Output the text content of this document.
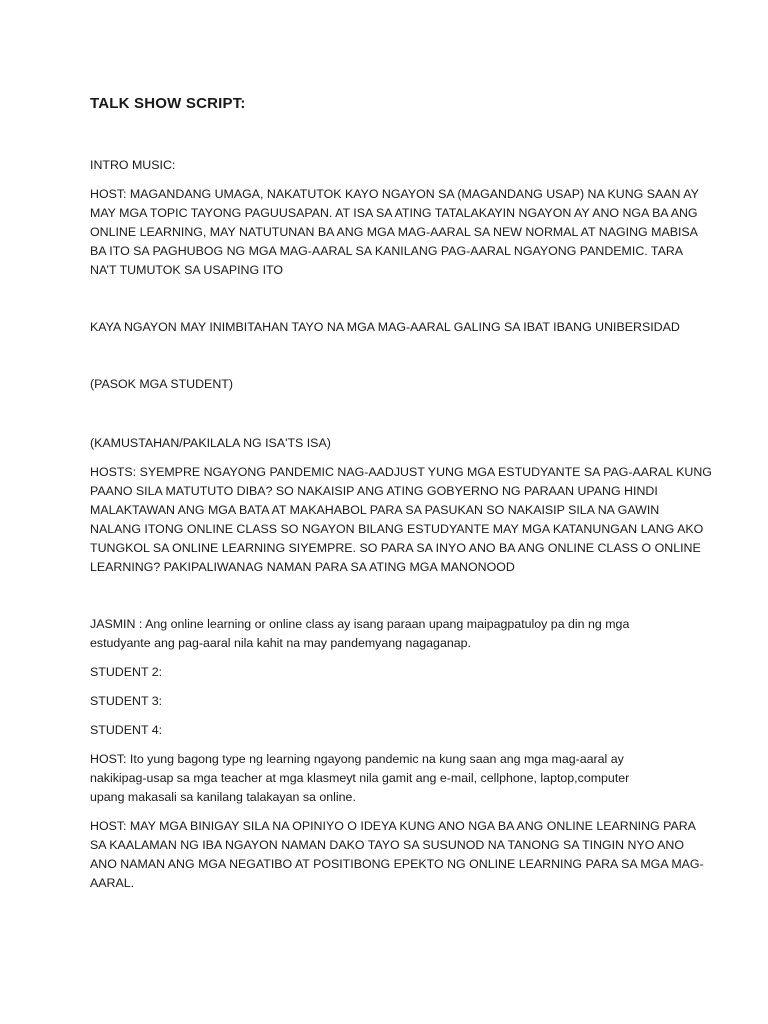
TALK SHOW SCRIPT:

INTRO MUSIC:

HOST: MAGANDANG UMAGA, NAKATUTOK KAYO NGAYON SA (MAGANDANG USAP) NA KUNG SAAN AY
MAY MGA TOPIC TAYONG PAGUUSAPAN. AT ISA SA ATING TATALAKAYIN NGAYON AY ANO NGA BA ANG
ONLINE LEARNING, MAY NATUTUNAN BA ANG MGA MAG-AARAL SA NEW NORMAL AT NAGING MABISA
BA ITO SA PAGHUBOG NG MGA MAG-AARAL SA KANILANG PAG-AARAL NGAYONG PANDEMIC. TARA
NA’T TUMUTOK SA USAPING ITO

KAYA NGAYON MAY INIMBITAHAN TAYO NA MGA MAG-AARAL GALING SA IBAT IBANG UNIBERSIDAD

(PASOK MGA STUDENT)

(KAMUSTAHAN/PAKILALA NG ISA'TS ISA)

HOSTS: SYEMPRE NGAYONG PANDEMIC NAG-AADJUST YUNG MGA ESTUDYANTE SA PAG-AARAL KUNG
PAANO SILA MATUTUTO DIBA? SO NAKAISIP ANG ATING GOBYERNO NG PARAAN UPANG HINDI
MALAKTAWAN ANG MGA BATA AT MAKAHABOL PARA SA PASUKAN SO NAKAISIP SILA NA GAWIN
NALANG ITONG ONLINE CLASS SO NGAYON BILANG ESTUDYANTE MAY MGA KATANUNGAN LANG AKO
TUNGKOL SA ONLINE LEARNING SIYEMPRE. SO PARA SA INYO ANO BA ANG ONLINE CLASS O ONLINE
LEARNING? PAKIPALIWANAG NAMAN PARA SA ATING MGA MANONOOD

JASMIN : Ang online learning or online class ay isang paraan upang maipagpatuloy pa din ng mga
estudyante ang pag-aaral nila kahit na may pandemyang nagaganap.

STUDENT 2:

STUDENT 3:

STUDENT 4:

HOST: Ito yung bagong type ng learning ngayong pandemic na kung saan ang mga mag-aaral ay
nakikipag-usap sa mga teacher at mga klasmeyt nila gamit ang e-mail, cellphone, laptop,computer
upang makasali sa kanilang talakayan sa online.

HOST: MAY MGA BINIGAY SILA NA OPINIYO O IDEYA KUNG ANO NGA BA ANG ONLINE LEARNING PARA
SA KAALAMAN NG IBA NGAYON NAMAN DAKO TAYO SA SUSUNOD NA TANONG SA TINGIN NYO ANO
ANO NAMAN ANG MGA NEGATIBO AT POSITIBONG EPEKTO NG ONLINE LEARNING PARA SA MGA MAG-
AARAL.
